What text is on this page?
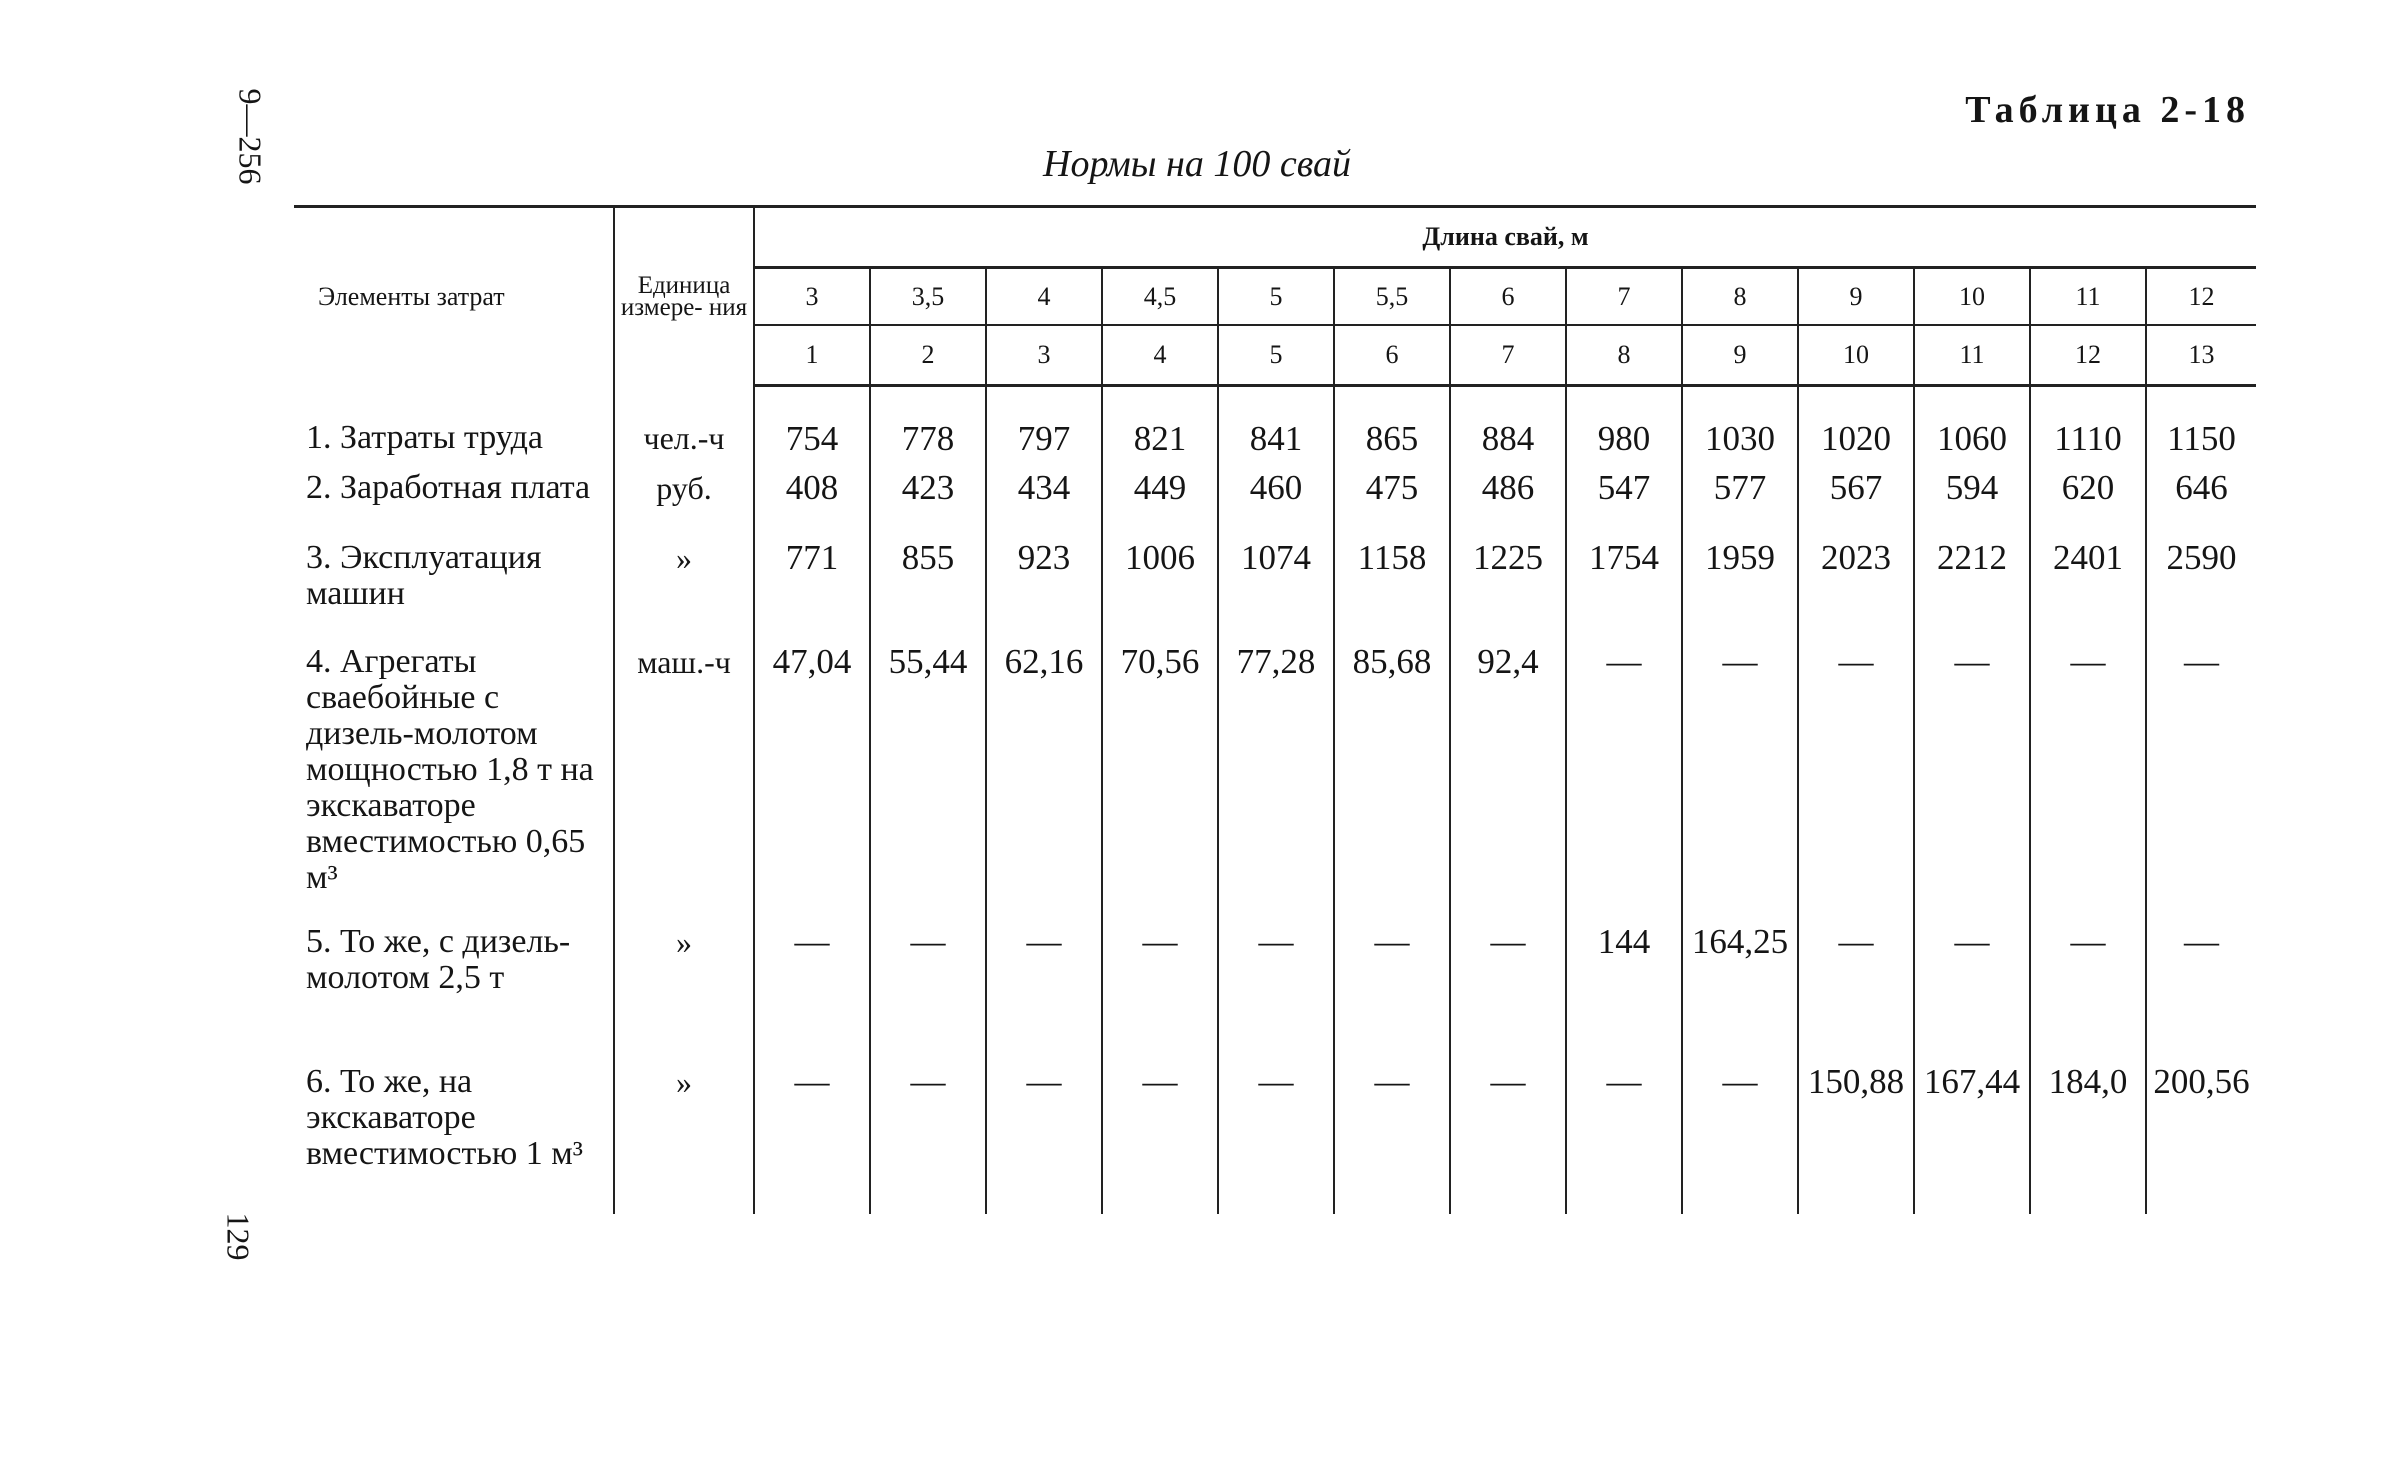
9—256
129
Таблица 2-18
Нормы на 100 свай
Элементы затрат	Единица измере- ния	Длина свай, м												
		3	3,5	4	4,5	5	5,5	6	7	8	9	10	11	12
		1	2	3	4	5	6	7	8	9	10	11	12	13
1. Затраты труда	чел.-ч	754	778	797	821	841	865	884	980	1030	1020	1060	1110	1150
2. Заработная плата	руб.	408	423	434	449	460	475	486	547	577	567	594	620	646
3. Эксплуатация машин	»	771	855	923	1006	1074	1158	1225	1754	1959	2023	2212	2401	2590
4. Агрегаты сваебойные с дизель-молотом мощностью 1,8 т на экскаваторе вместимостью 0,65 м³	маш.-ч	47,04	55,44	62,16	70,56	77,28	85,68	92,4	—	—	—	—	—	—
5. То же, с дизель-молотом 2,5 т	»	—	—	—	—	—	—	—	144	164,25	—	—	—	—
6. То же, на экскаваторе вместимостью 1 м³	»	—	—	—	—	—	—	—	—	—	150,88	167,44	184,0	200,56
